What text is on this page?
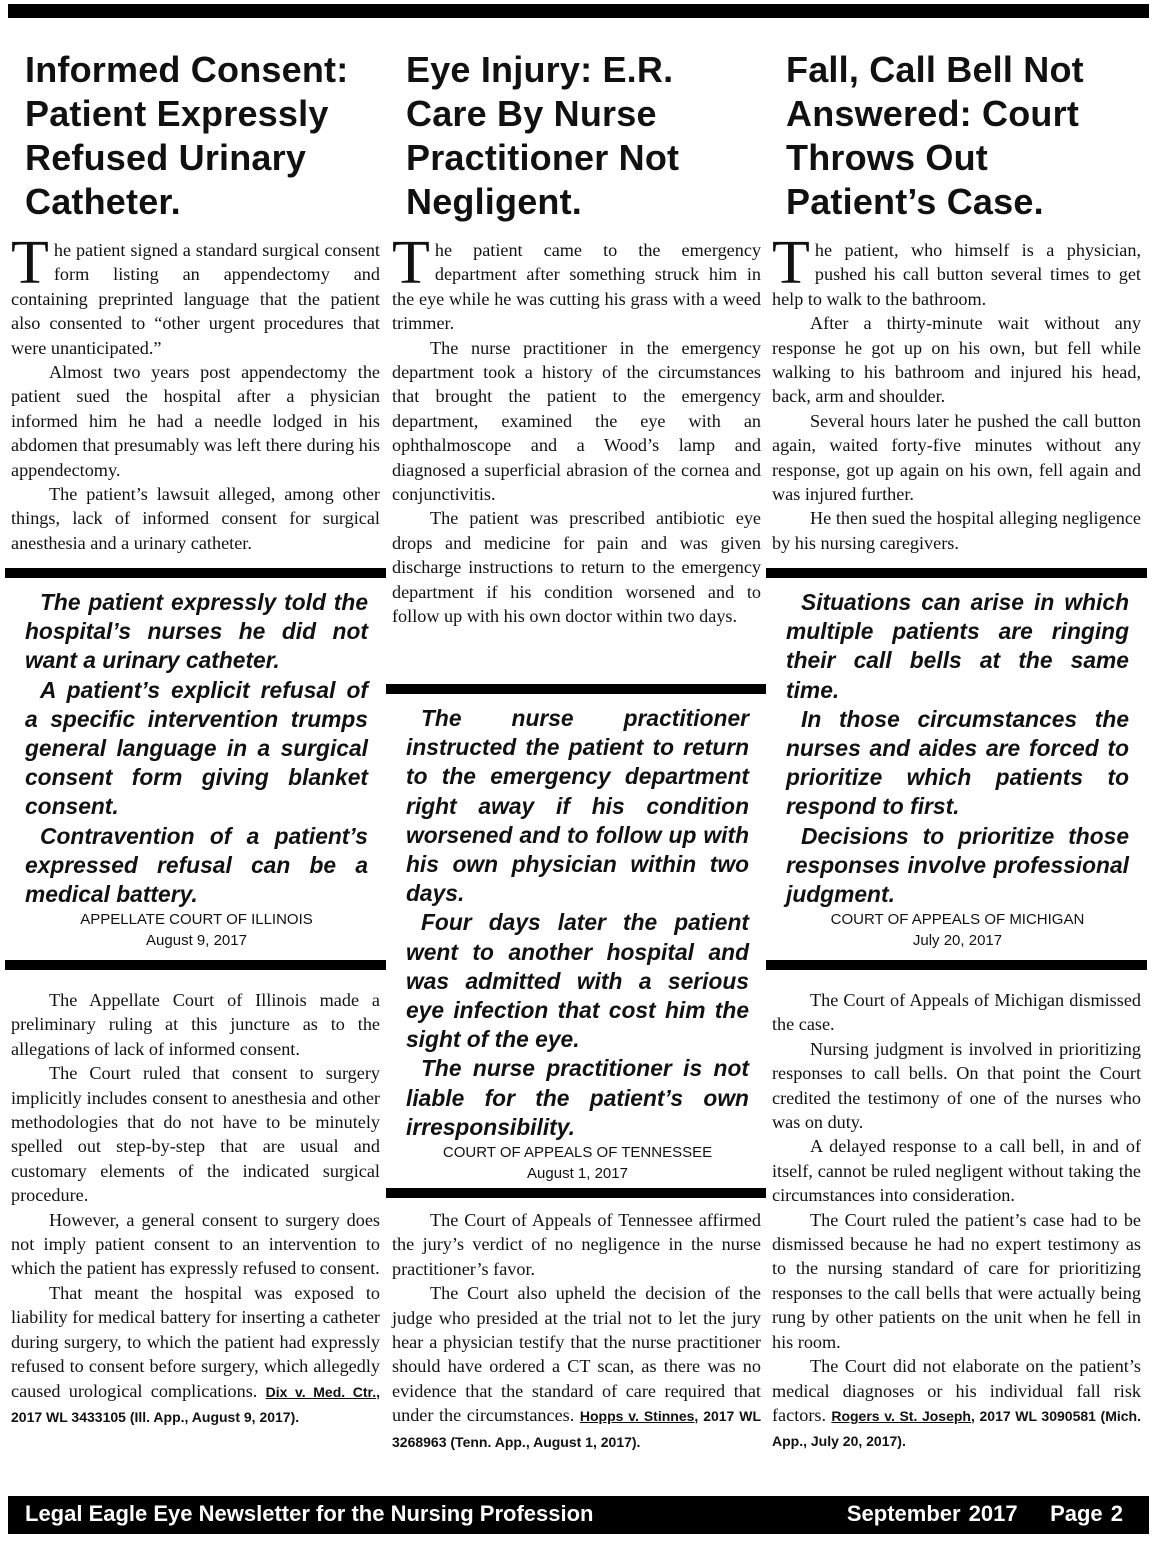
Informed Consent: Patient Expressly Refused Urinary Catheter.

The patient signed a standard surgical consent form listing an appendectomy and containing preprinted language that the patient also consented to “other urgent procedures that were unanticipated.”

Almost two years post appendectomy the patient sued the hospital after a physician informed him he had a needle lodged in his abdomen that presumably was left there during his appendectomy.

The patient’s lawsuit alleged, among other things, lack of informed consent for surgical anesthesia and a urinary catheter.

The patient expressly told the hospital’s nurses he did not want a urinary catheter.

A patient’s explicit refusal of a specific intervention trumps general language in a surgical consent form giving blanket consent.

Contravention of a patient’s expressed refusal can be a medical battery.

APPELLATE COURT OF ILLINOIS
August 9, 2017

The Appellate Court of Illinois made a preliminary ruling at this juncture as to the allegations of lack of informed consent.

The Court ruled that consent to surgery implicitly includes consent to anesthesia and other methodologies that do not have to be minutely spelled out step-by-step that are usual and customary elements of the indicated surgical procedure.

However, a general consent to surgery does not imply patient consent to an intervention to which the patient has expressly refused to consent.

That meant the hospital was exposed to liability for medical battery for inserting a catheter during surgery, to which the patient had expressly refused to consent before surgery, which allegedly caused urological complications. Dix v. Med. Ctr., 2017 WL 3433105 (Ill. App., August 9, 2017).

Eye Injury: E.R. Care By Nurse Practitioner Not Negligent.

The patient came to the emergency department after something struck him in the eye while he was cutting his grass with a weed trimmer.

The nurse practitioner in the emergency department took a history of the circumstances that brought the patient to the emergency department, examined the eye with an ophthalmoscope and a Wood’s lamp and diagnosed a superficial abrasion of the cornea and conjunctivitis.

The patient was prescribed antibiotic eye drops and medicine for pain and was given discharge instructions to return to the emergency department if his condition worsened and to follow up with his own doctor within two days.

The nurse practitioner instructed the patient to return to the emergency department right away if his condition worsened and to follow up with his own physician within two days.

Four days later the patient went to another hospital and was admitted with a serious eye infection that cost him the sight of the eye.

The nurse practitioner is not liable for the patient’s own irresponsibility.

COURT OF APPEALS OF TENNESSEE
August 1, 2017

The Court of Appeals of Tennessee affirmed the jury’s verdict of no negligence in the nurse practitioner’s favor.

The Court also upheld the decision of the judge who presided at the trial not to let the jury hear a physician testify that the nurse practitioner should have ordered a CT scan, as there was no evidence that the standard of care required that under the circumstances. Hopps v. Stinnes, 2017 WL 3268963 (Tenn. App., August 1, 2017).

Fall, Call Bell Not Answered: Court Throws Out Patient’s Case.

The patient, who himself is a physician, pushed his call button several times to get help to walk to the bathroom.

After a thirty-minute wait without any response he got up on his own, but fell while walking to his bathroom and injured his head, back, arm and shoulder.

Several hours later he pushed the call button again, waited forty-five minutes without any response, got up again on his own, fell again and was injured further.

He then sued the hospital alleging negligence by his nursing caregivers.

Situations can arise in which multiple patients are ringing their call bells at the same time.

In those circumstances the nurses and aides are forced to prioritize which patients to respond to first.

Decisions to prioritize those responses involve professional judgment.

COURT OF APPEALS OF MICHIGAN
July 20, 2017

The Court of Appeals of Michigan dismissed the case.

Nursing judgment is involved in prioritizing responses to call bells. On that point the Court credited the testimony of one of the nurses who was on duty.

A delayed response to a call bell, in and of itself, cannot be ruled negligent without taking the circumstances into consideration.

The Court ruled the patient’s case had to be dismissed because he had no expert testimony as to the nursing standard of care for prioritizing responses to the call bells that were actually being rung by other patients on the unit when he fell in his room.

The Court did not elaborate on the patient’s medical diagnoses or his individual fall risk factors. Rogers v. St. Joseph, 2017 WL 3090581 (Mich. App., July 20, 2017).

Legal Eagle Eye Newsletter for the Nursing Profession	September 2017 Page 2
